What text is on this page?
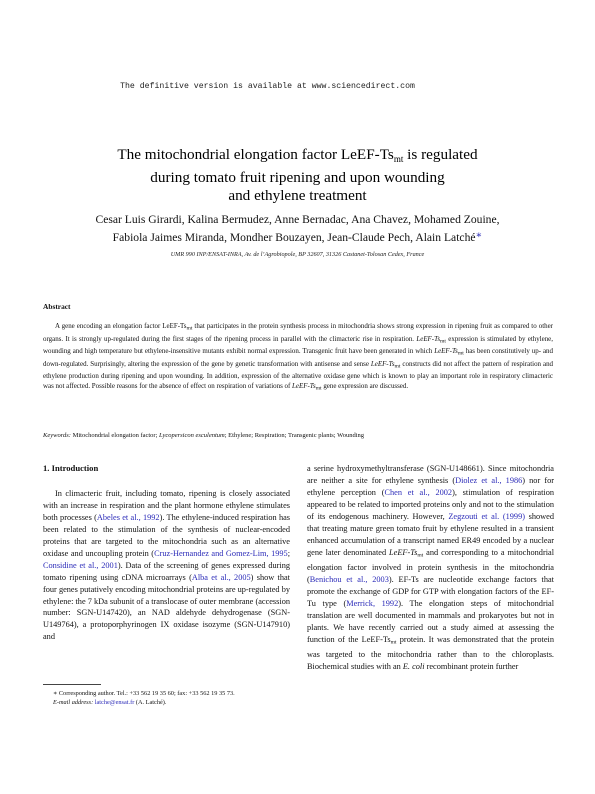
The definitive version is available at www.sciencedirect.com
The mitochondrial elongation factor LeEF-$Ts_{mt}$ is regulated
during tomato fruit ripening and upon wounding
and ethylene treatment
Cesar Luis Girardi, Kalina Bermudez, Anne Bernadac, Ana Chavez, Mohamed Zouine,
Fabiola Jaimes Miranda, Mondher Bouzayen, Jean-Claude Pech, Alain Latché∗
UMR 990 INP/ENSAT-INRA, Av. de l’Agrobiopole, BP 32607, 31326 Castanet-Tolosan Cedex, France
Abstract
A gene encoding an elongation factor LeEF-$Ts_{mt}$ that participates in the protein synthesis process in mitochondria shows strong expression in ripening fruit as compared to other organs. It is strongly up-regulated during the first stages of the ripening process in parallel with the climacteric rise in respiration. LeEF-$Ts_{mt}$ expression is stimulated by ethylene, wounding and high temperature but ethylene-insensitive mutants exhibit normal expression. Transgenic fruit have been generated in which LeEF-$Ts_{mt}$ has been constitutively up- and down-regulated. Surprisingly, altering the expression of the gene by genetic transformation with antisense and sense LeEF-$Ts_{mt}$ constructs did not affect the pattern of respiration and ethylene production during ripening and upon wounding. In addition, expression of the alternative oxidase gene which is known to play an important role in respiratory climacteric was not affected. Possible reasons for the absence of effect on respiration of variations of LeEF-$Ts_{mt}$ gene expression are discussed.
Keywords: Mitochondrial elongation factor; Lycopersicon esculentum; Ethylene; Respiration; Transgenic plants; Wounding
1. Introduction

In climacteric fruit, including tomato, ripening is closely associated with an increase in respiration and the plant hormone ethylene stimulates both processes (Abeles et al., 1992). The ethylene-induced respiration has been related to the stimulation of the synthesis of nuclear-encoded proteins that are targeted to the mitochondria such as an alternative oxidase and uncoupling protein (Cruz-Hernandez and Gomez-Lim, 1995; Considine et al., 2001). Data of the screening of genes expressed during tomato ripening using cDNA microarrays (Alba et al., 2005) show that four genes putatively encoding mitochondrial proteins are up-regulated by ethylene: the 7 kDa subunit of a translocase of outer membrane (accession number: SGN-U147420), an NAD aldehyde dehydrogenase (SGN-U149764), a protoporphyrinogen IX oxidase isozyme (SGN-U147910) and

a serine hydroxymethyltransferase (SGN-U148661). Since mitochondria are neither a site for ethylene synthesis (Diolez et al., 1986) nor for ethylene perception (Chen et al., 2002), stimulation of respiration appeared to be related to imported proteins only and not to the stimulation of its endogenous machinery. However, Zegzouti et al. (1999) showed that treating mature green tomato fruit by ethylene resulted in a transient enhanced accumulation of a transcript named ER49 encoded by a nuclear gene later denominated LeEF-Tsmt and corresponding to a mitochondrial elongation factor involved in protein synthesis in the mitochondria (Benichou et al., 2003). EF-Ts are nucleotide exchange factors that promote the exchange of GDP for GTP with elongation factors of the EF-Tu type (Merrick, 1992). The elongation steps of mitochondrial translation are well documented in mammals and prokaryotes but not in plants. We have recently carried out a study aimed at assessing the function of the LeEF-Tsmt protein. It was demonstrated that the protein was targeted to the mitochondria rather than to the chloroplasts. Biochemical studies with an E. coli recombinant protein further

∗ Corresponding author. Tel.: +33 562 19 35 60; fax: +33 562 19 35 73.
E-mail address: latche@ensat.fr (A. Latché).
